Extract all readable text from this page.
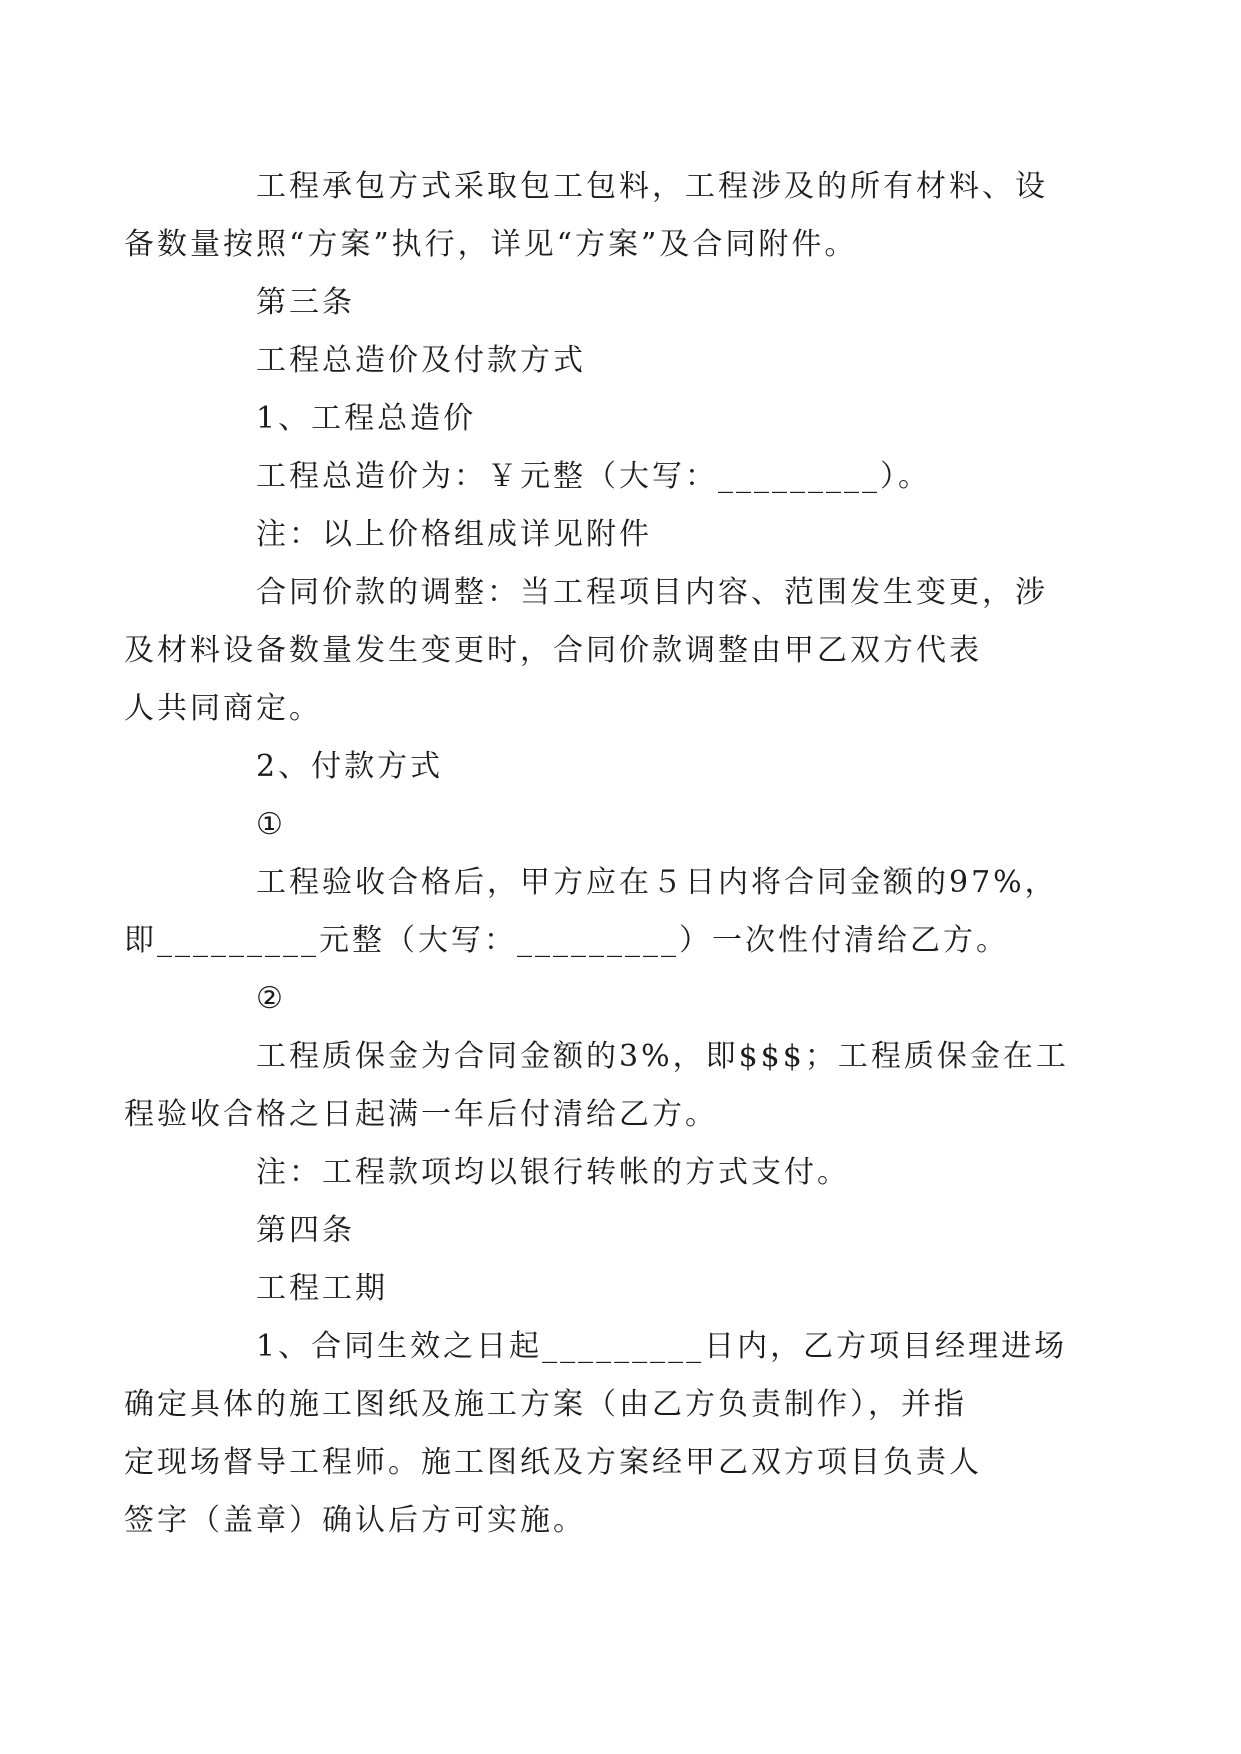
工程承包方式采取包工包料，工程涉及的所有材料、设
备数量按照“方案”执行，详见“方案”及合同附件。

第三条

工程总造价及付款方式

1、工程总造价

工程总造价为：￥元整（大写：_________）。

注：以上价格组成详见附件

合同价款的调整：当工程项目内容、范围发生变更，涉
及材料设备数量发生变更时，合同价款调整由甲乙双方代表
人共同商定。

2、付款方式

①

工程验收合格后，甲方应在５日内将合同金额的97%，
即_________元整（大写：_________）一次性付清给乙方。

②

工程质保金为合同金额的3%，即$$$；工程质保金在工
程验收合格之日起满一年后付清给乙方。

注：工程款项均以银行转帐的方式支付。

第四条

工程工期

1、合同生效之日起_________日内，乙方项目经理进场
确定具体的施工图纸及施工方案（由乙方负责制作），并指
定现场督导工程师。施工图纸及方案经甲乙双方项目负责人
签字（盖章）确认后方可实施。
